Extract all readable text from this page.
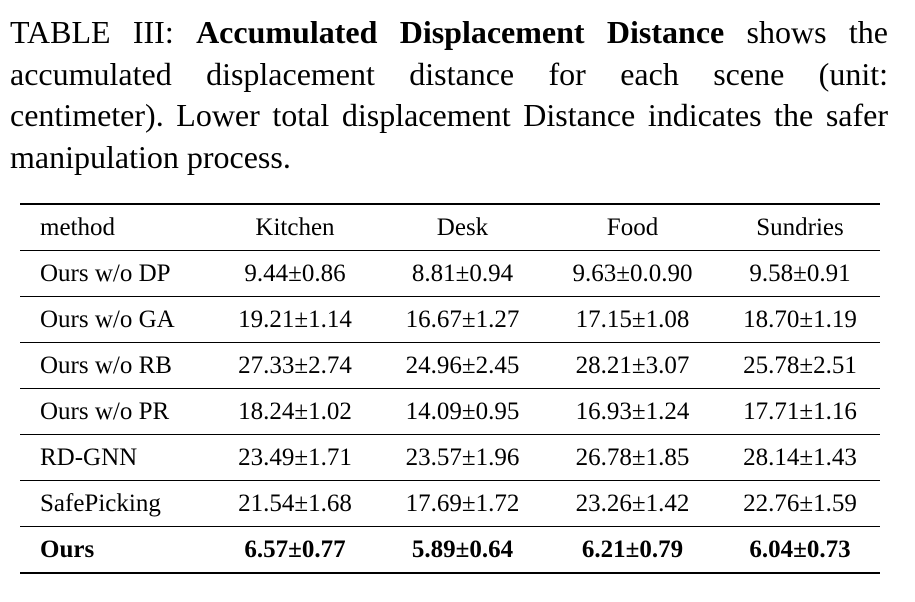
TABLE III: Accumulated Displacement Distance shows the accumulated displacement distance for each scene (unit: centimeter). Lower total displacement Distance indicates the safer manipulation process.
method	Kitchen	Desk	Food	Sundries
Ours w/o DP	9.44±0.86	8.81±0.94	9.63±0.0.90	9.58±0.91
Ours w/o GA	19.21±1.14	16.67±1.27	17.15±1.08	18.70±1.19
Ours w/o RB	27.33±2.74	24.96±2.45	28.21±3.07	25.78±2.51
Ours w/o PR	18.24±1.02	14.09±0.95	16.93±1.24	17.71±1.16
RD-GNN	23.49±1.71	23.57±1.96	26.78±1.85	28.14±1.43
SafePicking	21.54±1.68	17.69±1.72	23.26±1.42	22.76±1.59
Ours	6.57±0.77	5.89±0.64	6.21±0.79	6.04±0.73
